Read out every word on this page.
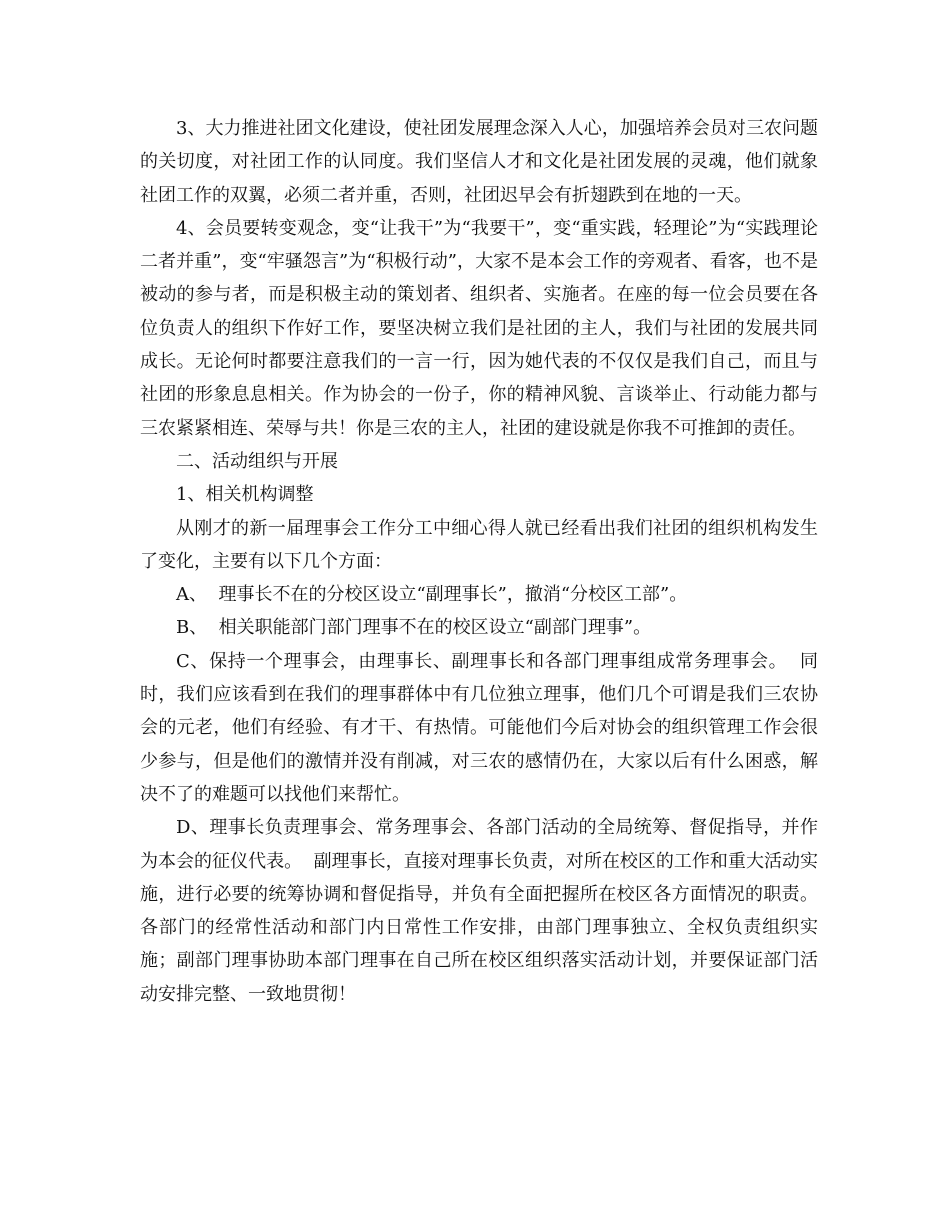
3、大力推进社团文化建设，使社团发展理念深入人心，加强培养会员对三农问题的关切度，对社团工作的认同度。我们坚信人才和文化是社团发展的灵魂，他们就象社团工作的双翼，必须二者并重，否则，社团迟早会有折翅跌到在地的一天。

4、会员要转变观念，变“让我干”为“我要干”，变“重实践，轻理论”为“实践理论二者并重”，变“牢骚怨言”为“积极行动”，大家不是本会工作的旁观者、看客，也不是被动的参与者，而是积极主动的策划者、组织者、实施者。在座的每一位会员要在各位负责人的组织下作好工作，要坚决树立我们是社团的主人，我们与社团的发展共同成长。无论何时都要注意我们的一言一行，因为她代表的不仅仅是我们自己，而且与社团的形象息息相关。作为协会的一份子，你的精神风貌、言谈举止、行动能力都与三农紧紧相连、荣辱与共！你是三农的主人，社团的建设就是你我不可推卸的责任。

二、活动组织与开展

1、相关机构调整

从刚才的新一届理事会工作分工中细心得人就已经看出我们社团的组织机构发生了变化，主要有以下几个方面：

A、  理事长不在的分校区设立“副理事长”，撤消“分校区工部”。

B、  相关职能部门部门理事不在的校区设立“副部门理事”。

C、保持一个理事会，由理事长、副理事长和各部门理事组成常务理事会。  同时，我们应该看到在我们的理事群体中有几位独立理事，他们几个可谓是我们三农协会的元老，他们有经验、有才干、有热情。可能他们今后对协会的组织管理工作会很少参与，但是他们的激情并没有削减，对三农的感情仍在，大家以后有什么困惑，解决不了的难题可以找他们来帮忙。

D、理事长负责理事会、常务理事会、各部门活动的全局统筹、督促指导，并作为本会的征仪代表。  副理事长，直接对理事长负责，对所在校区的工作和重大活动实施，进行必要的统筹协调和督促指导，并负有全面把握所在校区各方面情况的职责。  各部门的经常性活动和部门内日常性工作安排，由部门理事独立、全权负责组织实施；副部门理事协助本部门理事在自己所在校区组织落实活动计划，并要保证部门活动安排完整、一致地贯彻！
